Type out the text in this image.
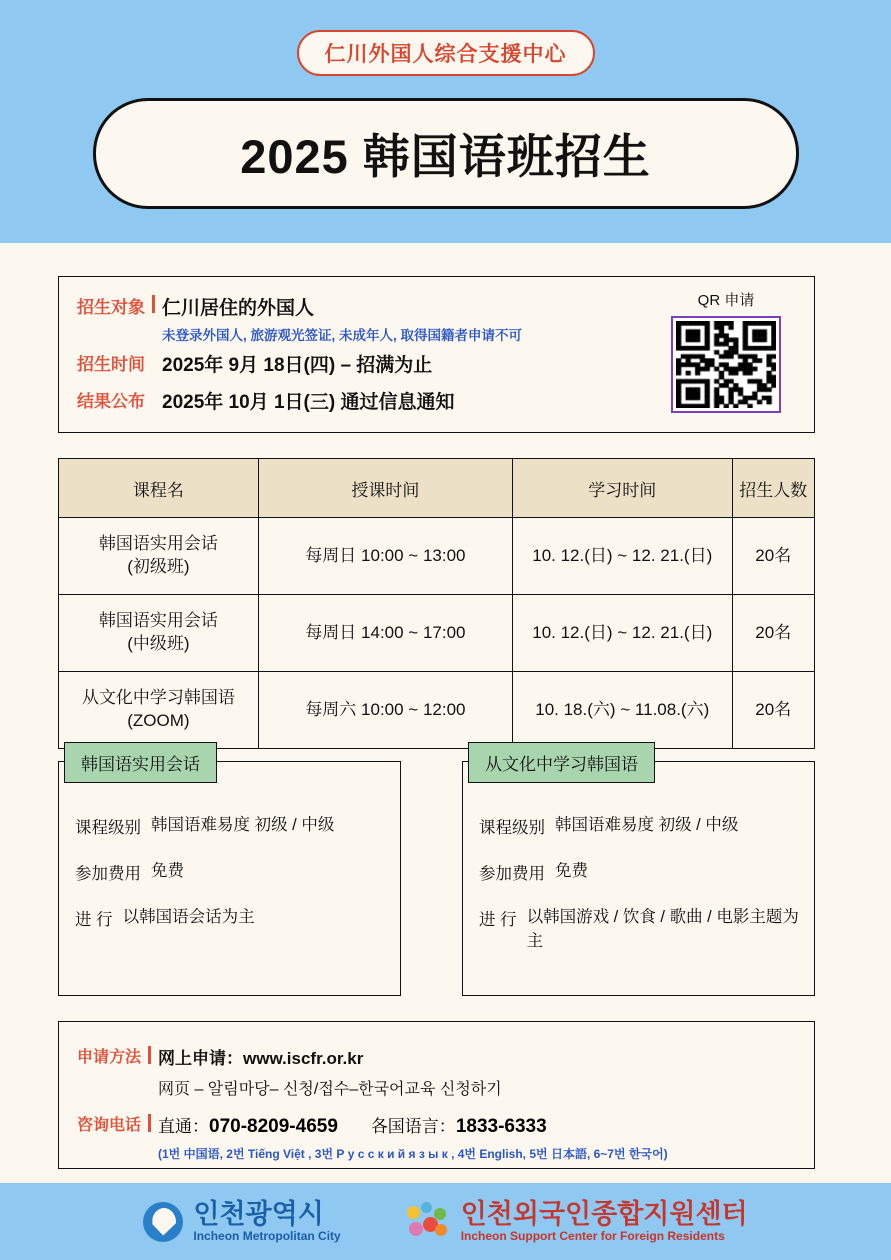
仁川外国人综合支援中心
2025 韩国语班招生
招生对象 仁川居住的外国人
未登录外国人, 旅游观光签证, 未成年人, 取得国籍者申请不可
招生时间 2025年 9月 18日(四) – 招满为止
结果公布 2025年 10月 1日(三) 通过信息通知
QR 申请
课程名	授课时间	学习时间	招生人数

韩国语实用会话
(初级班)	每周日 10:00 ~ 13:00	10. 12.(日) ~ 12. 21.(日)	20名

韩国语实用会话
(中级班)	每周日 14:00 ~ 17:00	10. 12.(日) ~ 12. 21.(日)	20名

从文化中学习韩国语
(ZOOM)	每周六 10:00 ~ 12:00	10. 18.(六) ~ 11.08.(六)	20名
韩国语实用会话
课程级别 韩国语难易度 初级 / 中级
参加费用 免费
进 行 以韩国语会话为主
从文化中学习韩国语
课程级别 韩国语难易度 初级 / 中级
参加费用 免费
进 行 以韩国游戏 / 饮食 / 歌曲 / 电影主题为主
申请方法 网上申请：www.iscfr.or.kr
网页 – 알림마당– 신청/접수–한국어교육 신청하기
咨询电话 直通：070-8209-4659 各国语言：1833-6333
(1번 中国语, 2번 Tiếng Việt , 3번 Р у с с к и й я з ы к , 4번 English, 5번 日本語, 6~7번 한국어)
인천광역시
Incheon Metropolitan City
인천외국인종합지원센터
Incheon Support Center for Foreign Residents
